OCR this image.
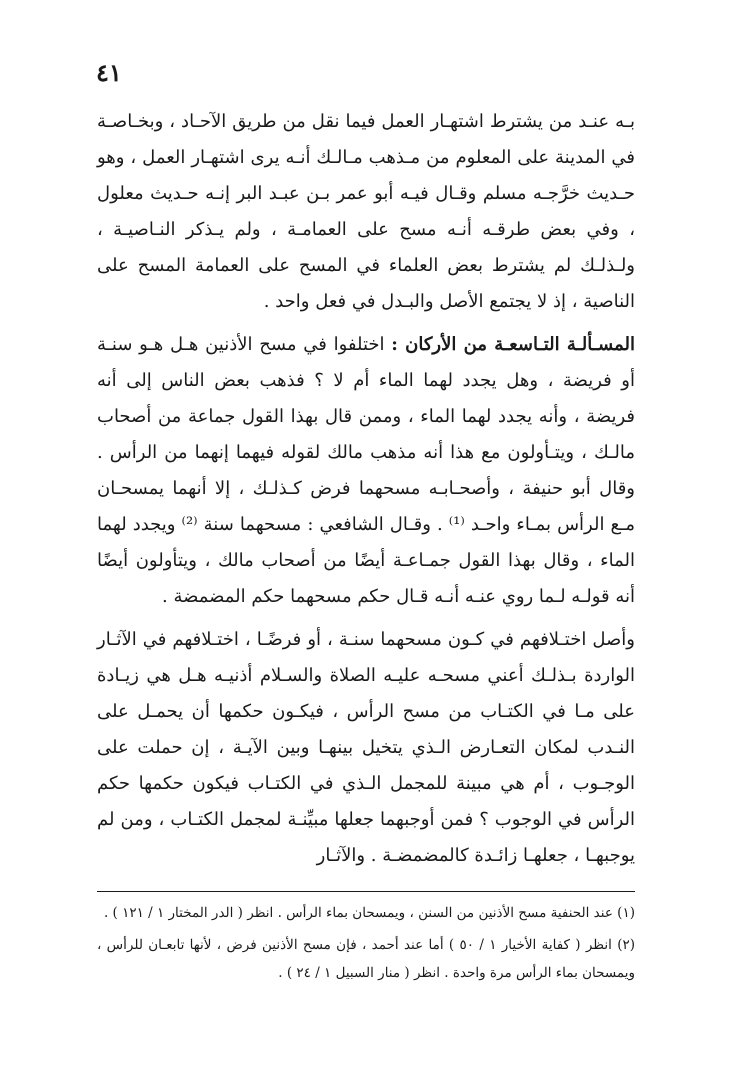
٤١

بـه عنـد من يشترط اشتهـار العمل فيما نقل من طريق الآحـاد ، وبخـاصـة في المدينة على المعلوم من مـذهب مـالـك أنـه يرى اشتهـار العمل ، وهو حـديث خرَّجـه مسلم وقـال فيـه أبو عمر بـن عبـد البر إنـه حـديث معلول ، وفي بعض طرقـه أنـه مسح على العمامـة ، ولم يـذكر النـاصيـة ، ولـذلـك لم يشترط بعض العلماء في المسح على العمامة المسح على الناصية ، إذ لا يجتمع الأصل والبـدل في فعل واحد .

المسـألـة التـاسعـة من الأركان : اختلفوا في مسح الأذنين هـل هـو سنـة أو فريضة ، وهل يجدد لهما الماء أم لا ؟ فذهب بعض الناس إلى أنه فريضة ، وأنه يجدد لهما الماء ، وممن قال بهذا القول جماعة من أصحاب مالـك ، ويتـأولون مع هذا أنه مذهب مالك لقوله فيهما إنهما من الرأس . وقال أبو حنيفة ، وأصحـابـه مسحهما فرض كـذلـك ، إلا أنهما يمسحـان مـع الرأس بمـاء واحـد ⁽¹⁾ . وقـال الشافعي : مسحهما سنة ⁽²⁾ ويجدد لهما الماء ، وقال بهذا القول جمـاعـة أيضًا من أصحاب مالك ، ويتأولون أيضًا أنه قولـه لـما روي عنـه أنـه قـال حكم مسحهما حكم المضمضة .

وأصل اختـلافهم في كـون مسحهما سنـة ، أو فرضًـا ، اختـلافهم في الآثـار الواردة بـذلـك أعني مسحـه عليـه الصلاة والسـلام أذنيـه هـل هي زيـادة على مـا في الكتـاب من مسح الرأس ، فيكـون حكمها أن يحمـل على النـدب لمكان التعـارض الـذي يتخيل بينهـا وبين الآيـة ، إن حملت على الوجـوب ، أم هي مبينة للمجمل الـذي في الكتـاب فيكون حكمها حكم الرأس في الوجوب ؟ فمن أوجبهما جعلها مبيِّنـة لمجمل الكتـاب ، ومن لم يوجبهـا ، جعلهـا زائـدة كالمضمضـة . والآثـار

(١) عند الحنفية مسح الأذنين من السنن ، ويمسحان بماء الرأس . انظر ( الدر المختار ١ / ١٢١ ) .

(٢) انظر ( كفاية الأخيار ١ / ٥٠ ) أما عند أحمد ، فإن مسح الأذنين فرض ، لأنها تابعـان للرأس ، ويمسحان بماء الرأس مرة واحدة . انظر ( منار السبيل ١ / ٢٤ ) .
